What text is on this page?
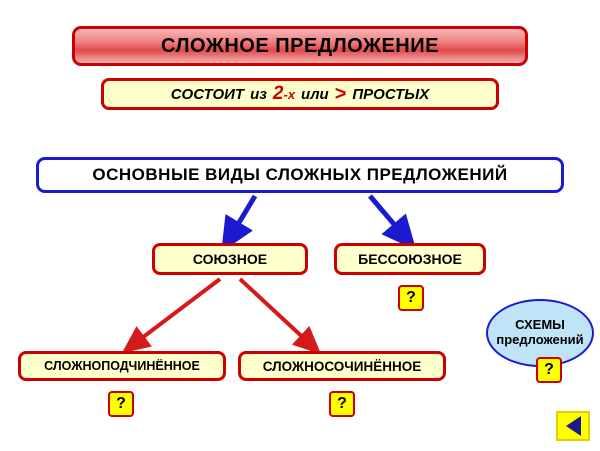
СЛОЖНОЕ ПРЕДЛОЖЕНИЕ
СОСТОИТ из 2-х или > ПРОСТЫХ
ОСНОВНЫЕ ВИДЫ СЛОЖНЫХ ПРЕДЛОЖЕНИЙ
СОЮЗНОЕ	БЕССОЮЗНОЕ
СЛОЖНОПОДЧИНЁННОЕ	СЛОЖНОСОЧИНЁННОЕ
?
?	?
СХЕМЫ
предложений
?
